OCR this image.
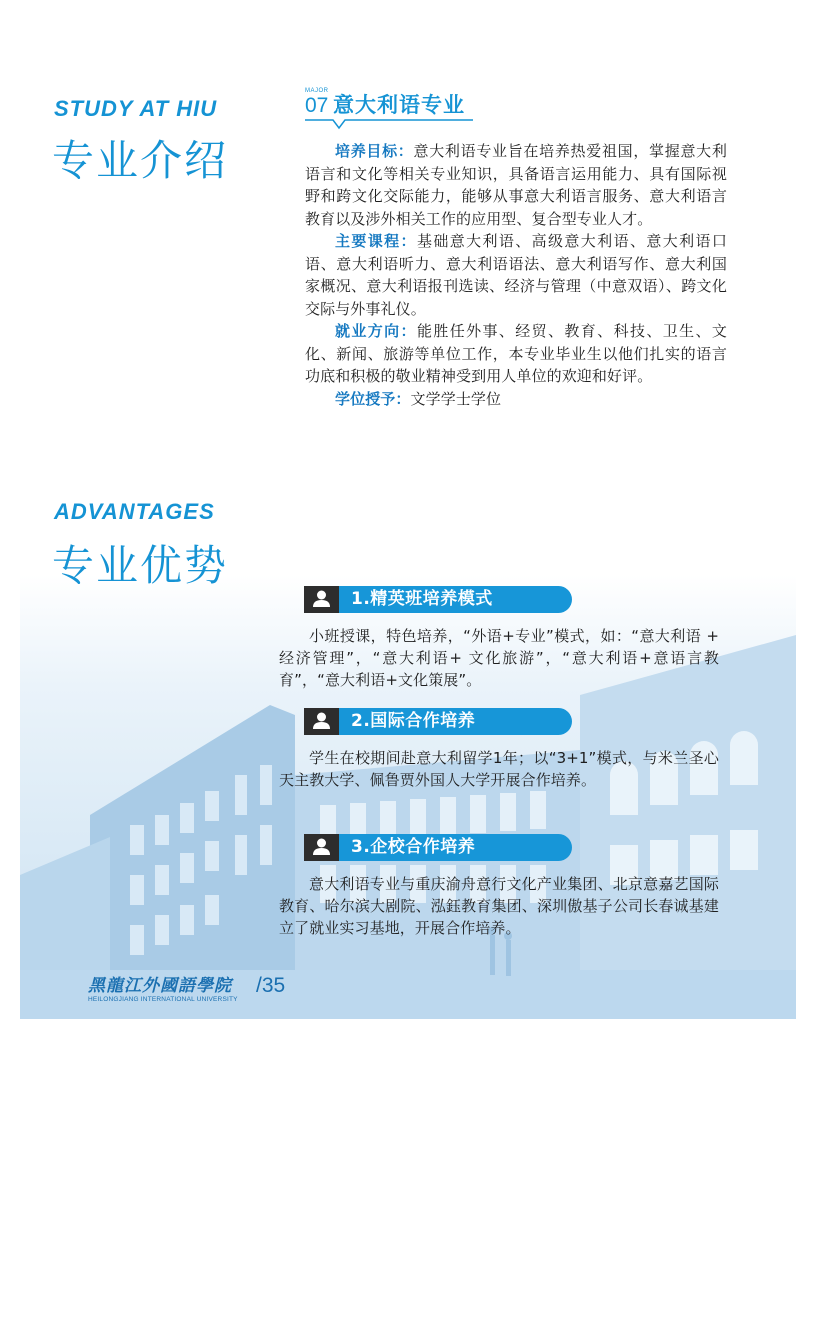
STUDY AT HIU
专业介绍
MAJOR
07 意大利语专业

培养目标：意大利语专业旨在培养热爱祖国，掌握意大利语言和文化等相关专业知识，具备语言运用能力、具有国际视野和跨文化交际能力，能够从事意大利语言服务、意大利语言教育以及涉外相关工作的应用型、复合型专业人才。

主要课程：基础意大利语、高级意大利语、意大利语口语、意大利语听力、意大利语语法、意大利语写作、意大利国家概况、意大利语报刊选读、经济与管理（中意双语）、跨文化交际与外事礼仪。

就业方向：能胜任外事、经贸、教育、科技、卫生、文化、新闻、旅游等单位工作，本专业毕业生以他们扎实的语言功底和积极的敬业精神受到用人单位的欢迎和好评。

学位授予：文学学士学位

ADVANTAGES
专业优势
1.精英班培养模式

小班授课，特色培养，“外语+专业”模式，如：“意大利语 + 经济管理”，“意大利语+ 文化旅游”，“意大利语+意语言教育”，“意大利语+文化策展”。

2.国际合作培养

学生在校期间赴意大利留学1年；以“3+1”模式，与米兰圣心天主教大学、佩鲁贾外国人大学开展合作培养。

3.企校合作培养

意大利语专业与重庆渝舟意行文化产业集团、北京意嘉艺国际教育、哈尔滨大剧院、泓鈺教育集团、深圳傲基子公司长春诚基建立了就业实习基地，开展合作培养。

黑龍江外國語學院
HEILONGJIANG INTERNATIONAL UNIVERSITY
/35
